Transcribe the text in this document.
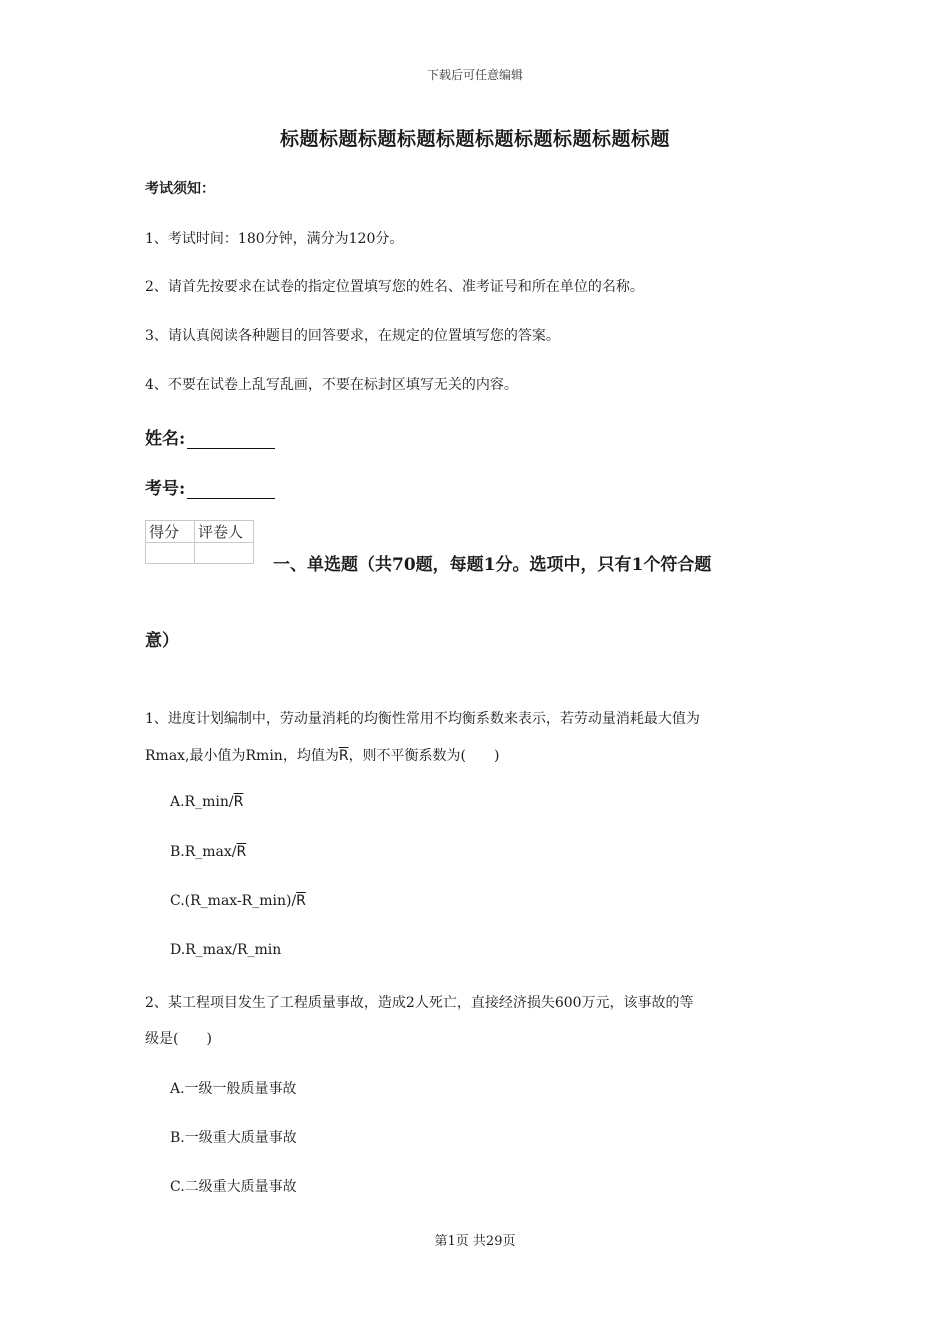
下载后可任意编辑
标题标题标题标题标题标题标题标题标题标题
考试须知：
1、考试时间：180分钟，满分为120分。
2、请首先按要求在试卷的指定位置填写您的姓名、准考证号和所在单位的名称。
3、请认真阅读各种题目的回答要求，在规定的位置填写您的答案。
4、不要在试卷上乱写乱画，不要在标封区填写无关的内容。
姓名:
考号:
得分	评卷人

一、单选题（共70题，每题1分。选项中，只有1个符合题
意）
1、进度计划编制中，劳动量消耗的均衡性常用不均衡系数来表示，若劳动量消耗最大值为
Rmax,最小值为Rmin，均值为$\overline{R}$，则不平衡系数为(　　)
$A.R\_\min/\overline{R}$
$B.R\_\max/\overline{R}$
$C.(R\_\max-R\_\min)/\overline{R}$
D.R_max/R_min
2、某工程项目发生了工程质量事故，造成2人死亡，直接经济损失600万元，该事故的等
级是(　　)
A.一级一般质量事故
B.一级重大质量事故
C.二级重大质量事故
第1页 共29页
